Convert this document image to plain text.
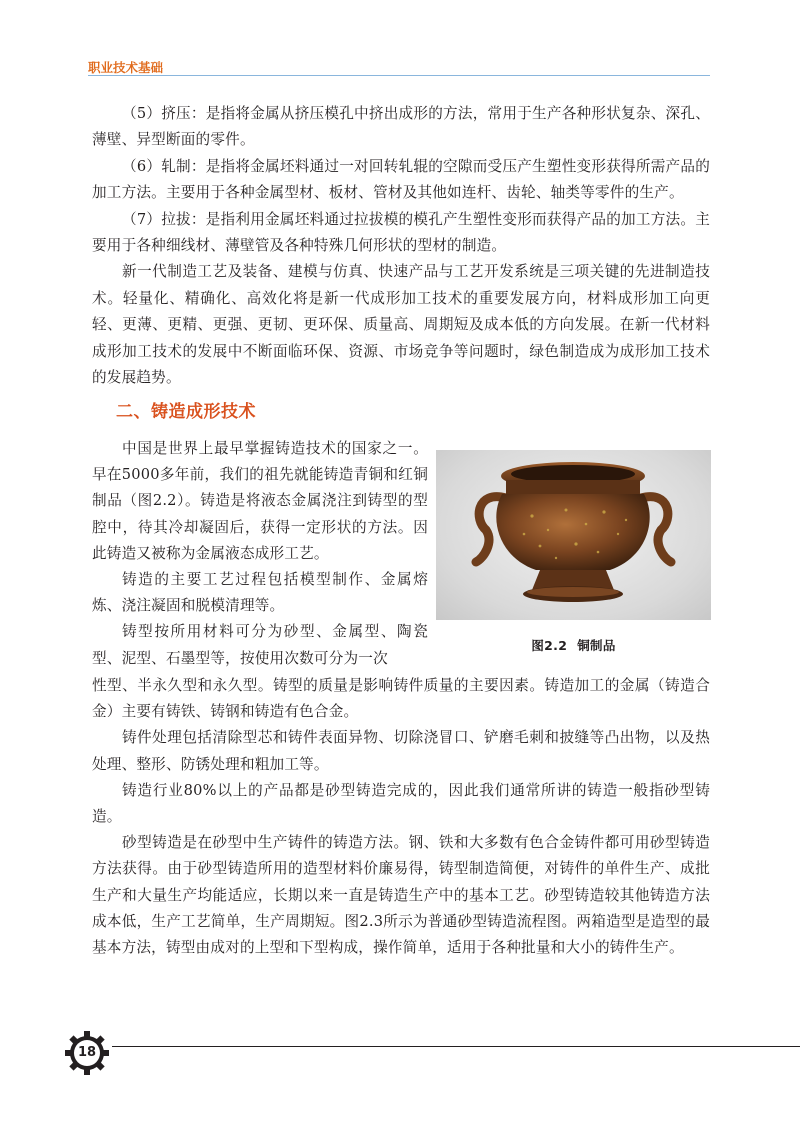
职业技术基础

（5）挤压：是指将金属从挤压模孔中挤出成形的方法，常用于生产各种形状复杂、深孔、薄壁、异型断面的零件。

（6）轧制：是指将金属坯料通过一对回转轧辊的空隙而受压产生塑性变形获得所需产品的加工方法。主要用于各种金属型材、板材、管材及其他如连杆、齿轮、轴类等零件的生产。

（7）拉拔：是指利用金属坯料通过拉拔模的模孔产生塑性变形而获得产品的加工方法。主要用于各种细线材、薄壁管及各种特殊几何形状的型材的制造。

新一代制造工艺及装备、建模与仿真、快速产品与工艺开发系统是三项关键的先进制造技术。轻量化、精确化、高效化将是新一代成形加工技术的重要发展方向，材料成形加工向更轻、更薄、更精、更强、更韧、更环保、质量高、周期短及成本低的方向发展。在新一代材料成形加工技术的发展中不断面临环保、资源、市场竞争等问题时，绿色制造成为成形加工技术的发展趋势。

二、铸造成形技术

中国是世界上最早掌握铸造技术的国家之一。早在5000多年前，我们的祖先就能铸造青铜和红铜制品（图2.2）。铸造是将液态金属浇注到铸型的型腔中，待其冷却凝固后，获得一定形状的方法。因此铸造又被称为金属液态成形工艺。

铸造的主要工艺过程包括模型制作、金属熔炼、浇注凝固和脱模清理等。

铸型按所用材料可分为砂型、金属型、陶瓷型、泥型、石墨型等，按使用次数可分为一次

图2.2 铜制品

性型、半永久型和永久型。铸型的质量是影响铸件质量的主要因素。铸造加工的金属（铸造合金）主要有铸铁、铸钢和铸造有色合金。

铸件处理包括清除型芯和铸件表面异物、切除浇冒口、铲磨毛刺和披缝等凸出物，以及热处理、整形、防锈处理和粗加工等。

铸造行业80%以上的产品都是砂型铸造完成的，因此我们通常所讲的铸造一般指砂型铸造。

砂型铸造是在砂型中生产铸件的铸造方法。钢、铁和大多数有色合金铸件都可用砂型铸造方法获得。由于砂型铸造所用的造型材料价廉易得，铸型制造简便，对铸件的单件生产、成批生产和大量生产均能适应，长期以来一直是铸造生产中的基本工艺。砂型铸造较其他铸造方法成本低，生产工艺简单，生产周期短。图2.3所示为普通砂型铸造流程图。两箱造型是造型的最基本方法，铸型由成对的上型和下型构成，操作简单，适用于各种批量和大小的铸件生产。

18
